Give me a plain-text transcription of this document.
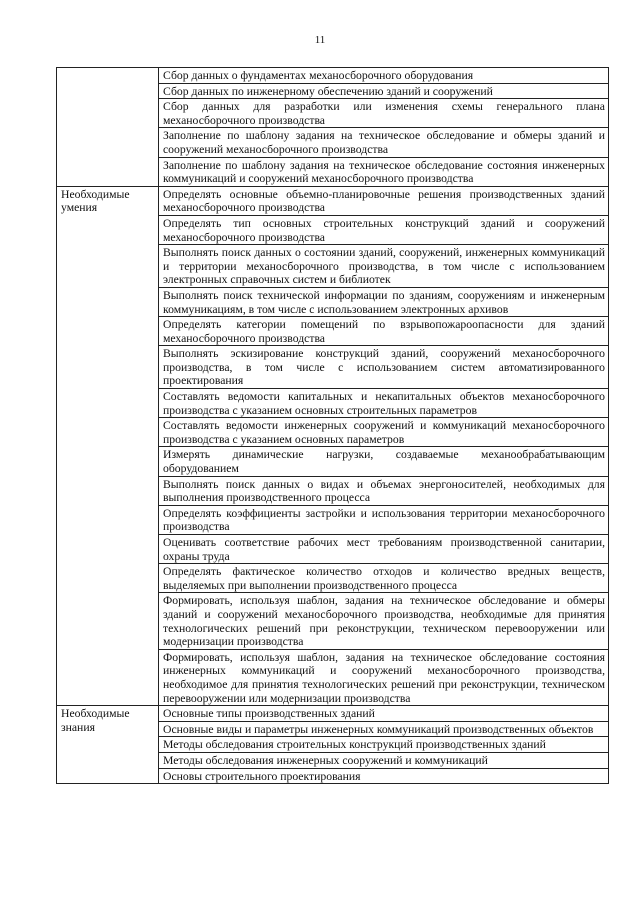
11
	Сбор данных о фундаментах механосборочного оборудования
	Сбор данных по инженерному обеспечению зданий и сооружений
	Сбор данных для разработки или изменения схемы генерального плана механосборочного производства
	Заполнение по шаблону задания на техническое обследование и обмеры зданий и сооружений механосборочного производства
	Заполнение по шаблону задания на техническое обследование состояния инженерных коммуникаций и сооружений механосборочного производства
Необходимые умения	Определять основные объемно-планировочные решения производственных зданий механосборочного производства
	Определять тип основных строительных конструкций зданий и сооружений механосборочного производства
	Выполнять поиск данных о состоянии зданий, сооружений, инженерных коммуникаций и территории механосборочного производства, в том числе с использованием электронных справочных систем и библиотек
	Выполнять поиск технической информации по зданиям, сооружениям и инженерным коммуникациям, в том числе с использованием электронных архивов
	Определять категории помещений по взрывопожароопасности для зданий механосборочного производства
	Выполнять эскизирование конструкций зданий, сооружений механосборочного производства, в том числе с использованием систем автоматизированного проектирования
	Составлять ведомости капитальных и некапитальных объектов механосборочного производства с указанием основных строительных параметров
	Составлять ведомости инженерных сооружений и коммуникаций механосборочного производства с указанием основных параметров
	Измерять динамические нагрузки, создаваемые механообрабатывающим оборудованием
	Выполнять поиск данных о видах и объемах энергоносителей, необходимых для выполнения производственного процесса
	Определять коэффициенты застройки и использования территории механосборочного производства
	Оценивать соответствие рабочих мест требованиям производственной санитарии, охраны труда
	Определять фактическое количество отходов и количество вредных веществ, выделяемых при выполнении производственного процесса
	Формировать, используя шаблон, задания на техническое обследование и обмеры зданий и сооружений механосборочного производства, необходимые для принятия технологических решений при реконструкции, техническом перевооружении или модернизации производства
	Формировать, используя шаблон, задания на техническое обследование состояния инженерных коммуникаций и сооружений механосборочного производства, необходимое для принятия технологических решений при реконструкции, техническом перевооружении или модернизации производства
Необходимые знания	Основные типы производственных зданий
	Основные виды и параметры инженерных коммуникаций производственных объектов
	Методы обследования строительных конструкций производственных зданий
	Методы обследования инженерных сооружений и коммуникаций
	Основы строительного проектирования
